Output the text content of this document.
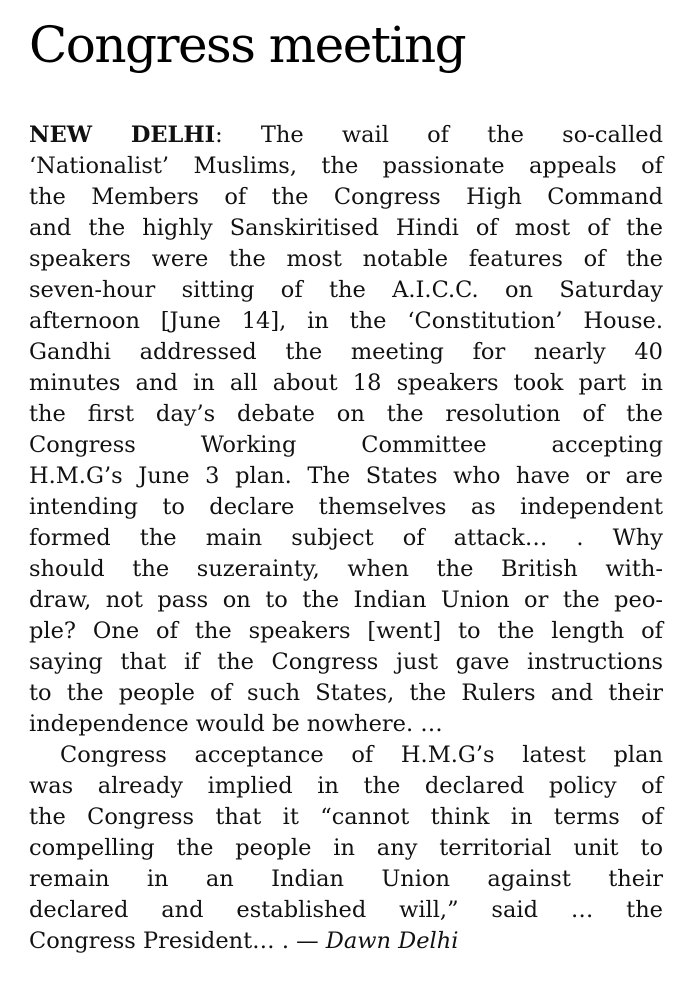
Congress meeting
NEW DELHI: The wail of the so-called
‘Nationalist’ Muslims, the passionate appeals of
the Members of the Congress High Command
and the highly Sanskiritised Hindi of most of the
speakers were the most notable features of the
seven-hour sitting of the A.I.C.C. on Saturday
afternoon [June 14], in the ‘Constitution’ House.
Gandhi addressed the meeting for nearly 40
minutes and in all about 18 speakers took part in
the first day’s debate on the resolution of the
Congress Working Committee accepting
H.M.G’s June 3 plan. The States who have or are
intending to declare themselves as independent
formed the main subject of attack… . Why
should the suzerainty, when the British with-
draw, not pass on to the Indian Union or the peo-
ple? One of the speakers [went] to the length of
saying that if the Congress just gave instructions
to the people of such States, the Rulers and their
independence would be nowhere. …
Congress acceptance of H.M.G’s latest plan
was already implied in the declared policy of
the Congress that it “cannot think in terms of
compelling the people in any territorial unit to
remain in an Indian Union against their
declared and established will,” said … the
Congress President… . — Dawn Delhi
